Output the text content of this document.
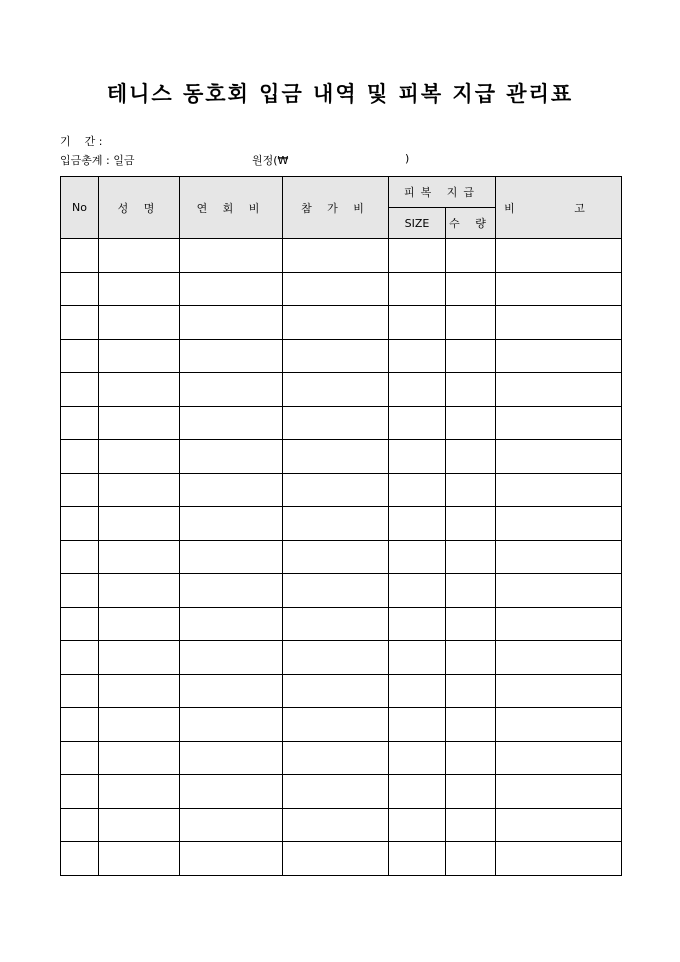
테니스 동호회 입금 내역 및 피복 지급 관리표
기    간 :

입금총계 : 일금

	원정(₩

	)

No	성 명	연 회 비	참 가 비	피복 지급		비 고
				SIZE	수 량	
